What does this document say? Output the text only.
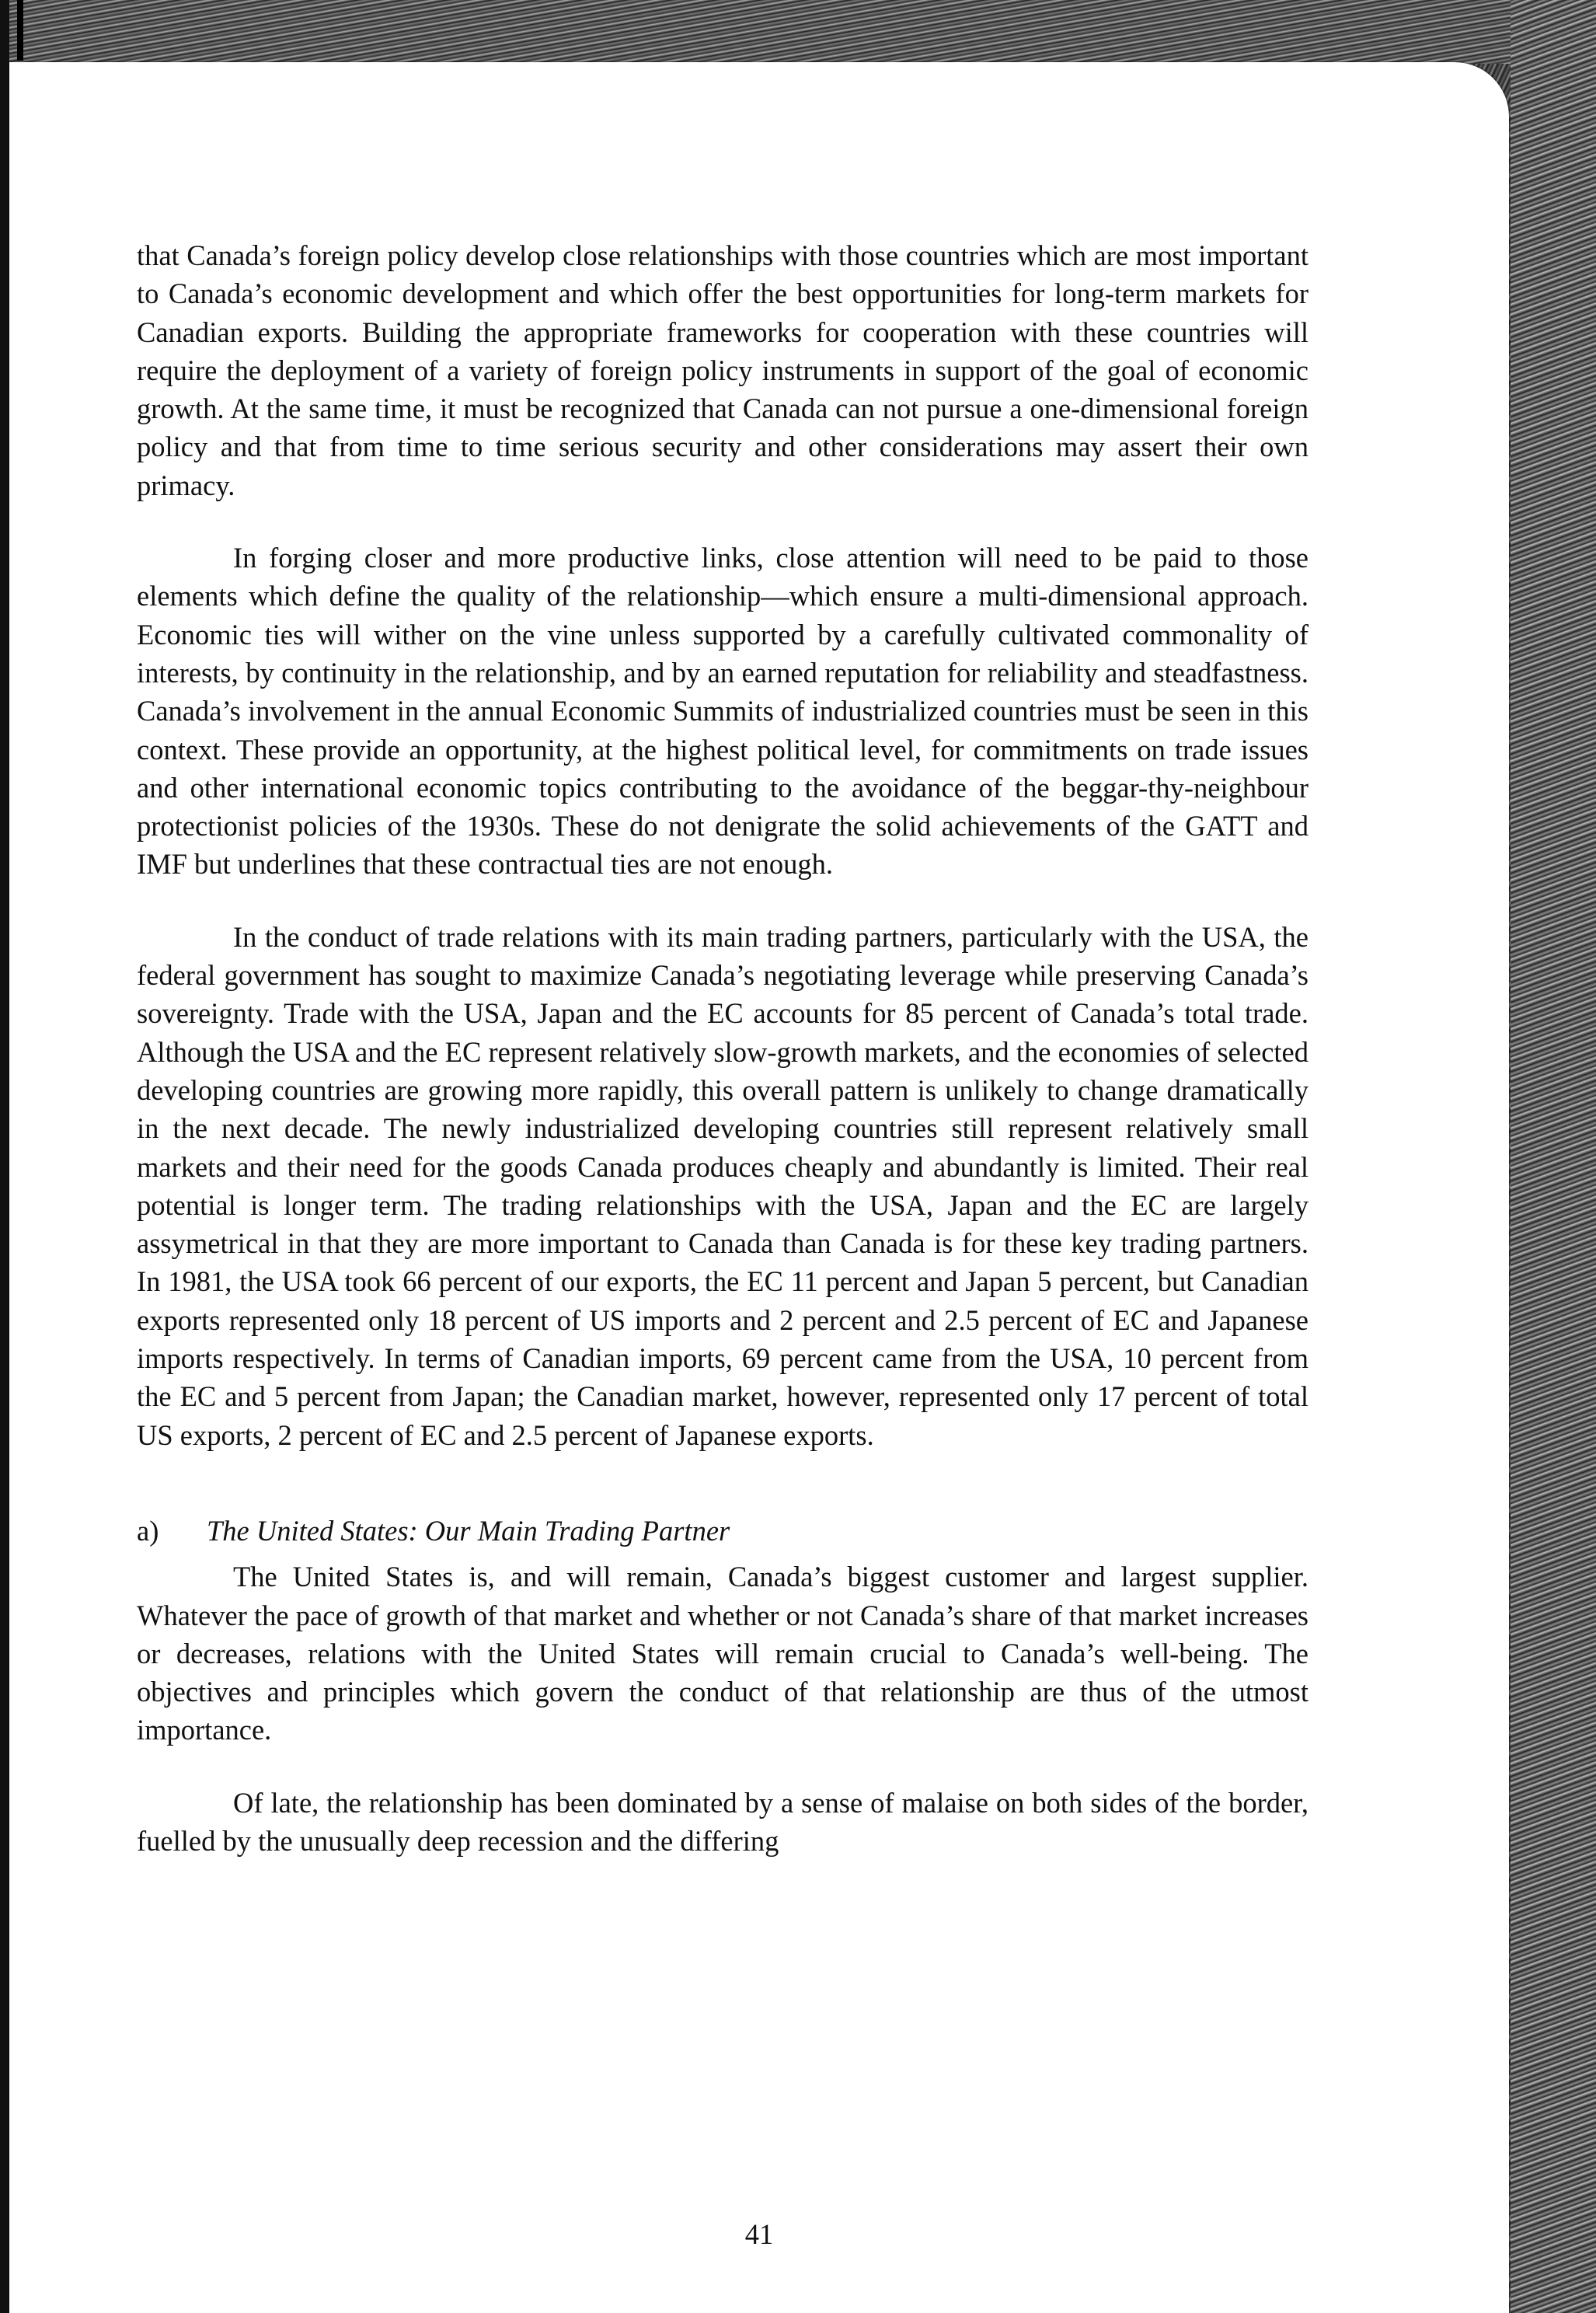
that Canada’s foreign policy develop close relationships with those countries which are most important to Canada’s economic development and which offer the best opportunities for long-term markets for Canadian exports. Building the appropriate frameworks for cooperation with these countries will require the deployment of a variety of foreign policy instruments in support of the goal of economic growth. At the same time, it must be recognized that Canada can not pursue a one-dimensional foreign policy and that from time to time serious security and other considerations may assert their own primacy.

In forging closer and more productive links, close attention will need to be paid to those elements which define the quality of the relationship—which ensure a multi-dimensional approach. Economic ties will wither on the vine unless supported by a carefully cultivated commonality of interests, by continuity in the relationship, and by an earned reputation for reliability and steadfastness. Canada’s involvement in the annual Economic Summits of industrialized countries must be seen in this context. These provide an opportunity, at the highest political level, for commitments on trade issues and other international economic topics contributing to the avoidance of the beggar-thy-neighbour protectionist policies of the 1930s. These do not denigrate the solid achievements of the GATT and IMF but underlines that these contractual ties are not enough.

In the conduct of trade relations with its main trading partners, particularly with the USA, the federal government has sought to maximize Canada’s negotiating leverage while preserving Canada’s sovereignty. Trade with the USA, Japan and the EC accounts for 85 percent of Canada’s total trade. Although the USA and the EC represent relatively slow-growth markets, and the economies of selected developing countries are growing more rapidly, this overall pattern is unlikely to change dramatically in the next decade. The newly industrialized developing countries still represent relatively small markets and their need for the goods Canada produces cheaply and abundantly is limited. Their real potential is longer term. The trading relationships with the USA, Japan and the EC are largely assymetrical in that they are more important to Canada than Canada is for these key trading partners. In 1981, the USA took 66 percent of our exports, the EC 11 percent and Japan 5 percent, but Canadian exports represented only 18 percent of US imports and 2 percent and 2.5 percent of EC and Japanese imports respectively. In terms of Canadian imports, 69 percent came from the USA, 10 percent from the EC and 5 percent from Japan; the Canadian market, however, represented only 17 percent of total US exports, 2 percent of EC and 2.5 percent of Japanese exports.

a)	The United States: Our Main Trading Partner

The United States is, and will remain, Canada’s biggest customer and largest supplier. Whatever the pace of growth of that market and whether or not Canada’s share of that market increases or decreases, relations with the United States will remain crucial to Canada’s well-being. The objectives and principles which govern the conduct of that relationship are thus of the utmost importance.

Of late, the relationship has been dominated by a sense of malaise on both sides of the border, fuelled by the unusually deep recession and the differing

41
